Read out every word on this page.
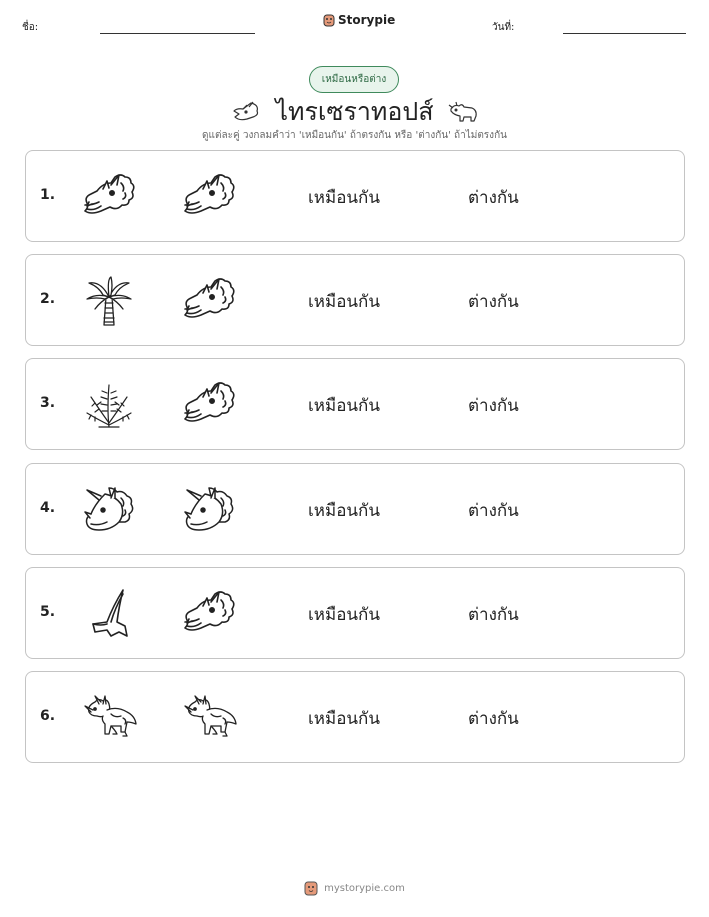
ชื่อ:
Storypie
วันที่:
เหมือนหรือต่าง
ไทรเซราทอปส์
ดูแต่ละคู่ วงกลมคำว่า 'เหมือนกัน' ถ้าตรงกัน หรือ 'ต่างกัน' ถ้าไม่ตรงกัน
1.	เหมือนกัน	ต่างกัน
2.	เหมือนกัน	ต่างกัน
3.	เหมือนกัน	ต่างกัน
4.	เหมือนกัน	ต่างกัน
5.	เหมือนกัน	ต่างกัน
6.	เหมือนกัน	ต่างกัน
mystorypie.com
